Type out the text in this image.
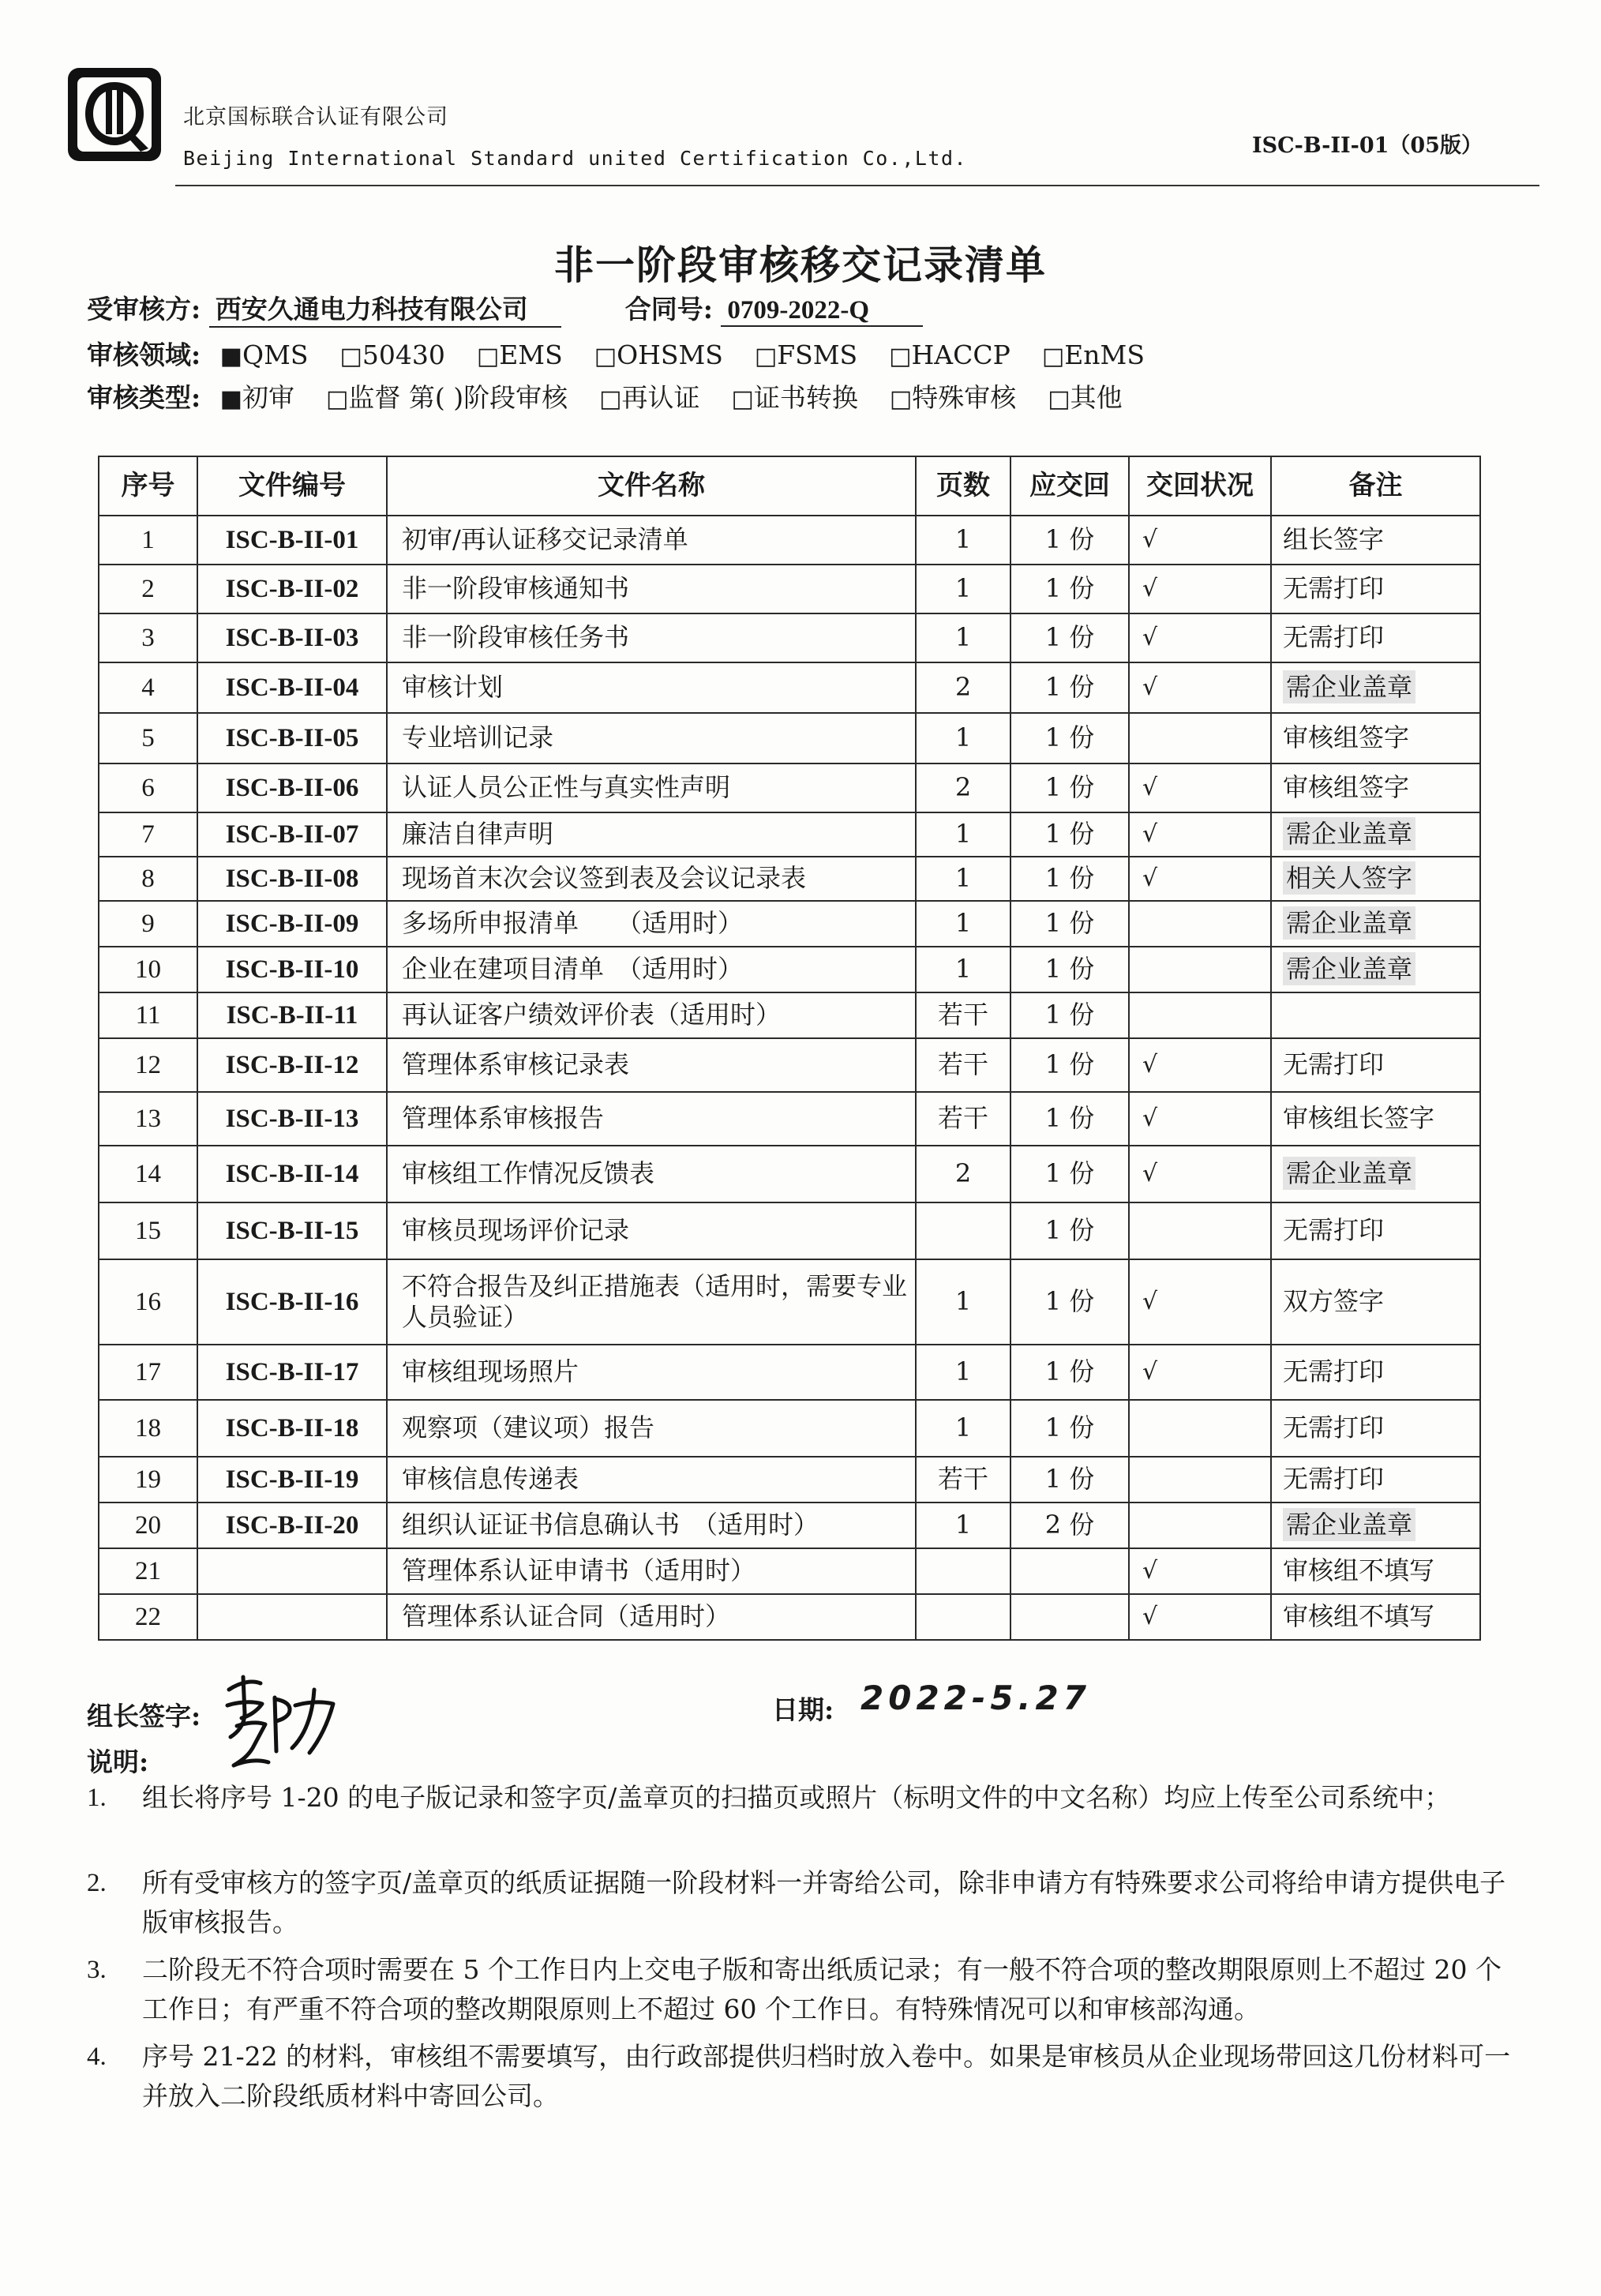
北京国标联合认证有限公司
Beijing International Standard united Certification Co.,Ltd.
ISC-B-II-01（05版）
非一阶段审核移交记录清单
受审核方: 西安久通电力科技有限公司	合同号: 0709-2022-Q
审核领域: ■QMS □50430 □EMS □OHSMS □FSMS □HACCP □EnMS
审核类型: ■初审 □监督 第( )阶段审核 □再认证 □证书转换 □特殊审核 □其他
序号	文件编号	文件名称	页数	应交回	交回状况	备注
1	ISC-B-II-01	初审/再认证移交记录清单	1	1 份	√	组长签字
2	ISC-B-II-02	非一阶段审核通知书	1	1 份	√	无需打印
3	ISC-B-II-03	非一阶段审核任务书	1	1 份	√	无需打印
4	ISC-B-II-04	审核计划	2	1 份	√	需企业盖章
5	ISC-B-II-05	专业培训记录	1	1 份		审核组签字
6	ISC-B-II-06	认证人员公正性与真实性声明	2	1 份	√	审核组签字
7	ISC-B-II-07	廉洁自律声明	1	1 份	√	需企业盖章
8	ISC-B-II-08	现场首末次会议签到表及会议记录表	1	1 份	√	相关人签字
9	ISC-B-II-09	多场所申报清单　　（适用时）	1	1 份		需企业盖章
10	ISC-B-II-10	企业在建项目清单　（适用时）	1	1 份		需企业盖章
11	ISC-B-II-11	再认证客户绩效评价表（适用时）	若干	1 份		
12	ISC-B-II-12	管理体系审核记录表	若干	1 份	√	无需打印
13	ISC-B-II-13	管理体系审核报告	若干	1 份	√	审核组长签字
14	ISC-B-II-14	审核组工作情况反馈表	2	1 份	√	需企业盖章
15	ISC-B-II-15	审核员现场评价记录		1 份		无需打印
16	ISC-B-II-16	不符合报告及纠正措施表（适用时，需要专业人员验证）	1	1 份	√	双方签字
17	ISC-B-II-17	审核组现场照片	1	1 份	√	无需打印
18	ISC-B-II-18	观察项（建议项）报告	1	1 份		无需打印
19	ISC-B-II-19	审核信息传递表	若干	1 份		无需打印
20	ISC-B-II-20	组织认证证书信息确认书　（适用时）	1	2 份		需企业盖章
21		管理体系认证申请书（适用时）			√	审核组不填写
22		管理体系认证合同（适用时）			√	审核组不填写
组长签字:	日期: 2022-5.27
说明:
1. 组长将序号 1-20 的电子版记录和签字页/盖章页的扫描页或照片（标明文件的中文名称）均应上传至公司系统中；
2. 所有受审核方的签字页/盖章页的纸质证据随一阶段材料一并寄给公司，除非申请方有特殊要求公司将给申请方提供电子版审核报告。
3. 二阶段无不符合项时需要在 5 个工作日内上交电子版和寄出纸质记录；有一般不符合项的整改期限原则上不超过 20 个工作日；有严重不符合项的整改期限原则上不超过 60 个工作日。有特殊情况可以和审核部沟通。
4. 序号 21-22 的材料，审核组不需要填写，由行政部提供归档时放入卷中。如果是审核员从企业现场带回这几份材料可一并放入二阶段纸质材料中寄回公司。
